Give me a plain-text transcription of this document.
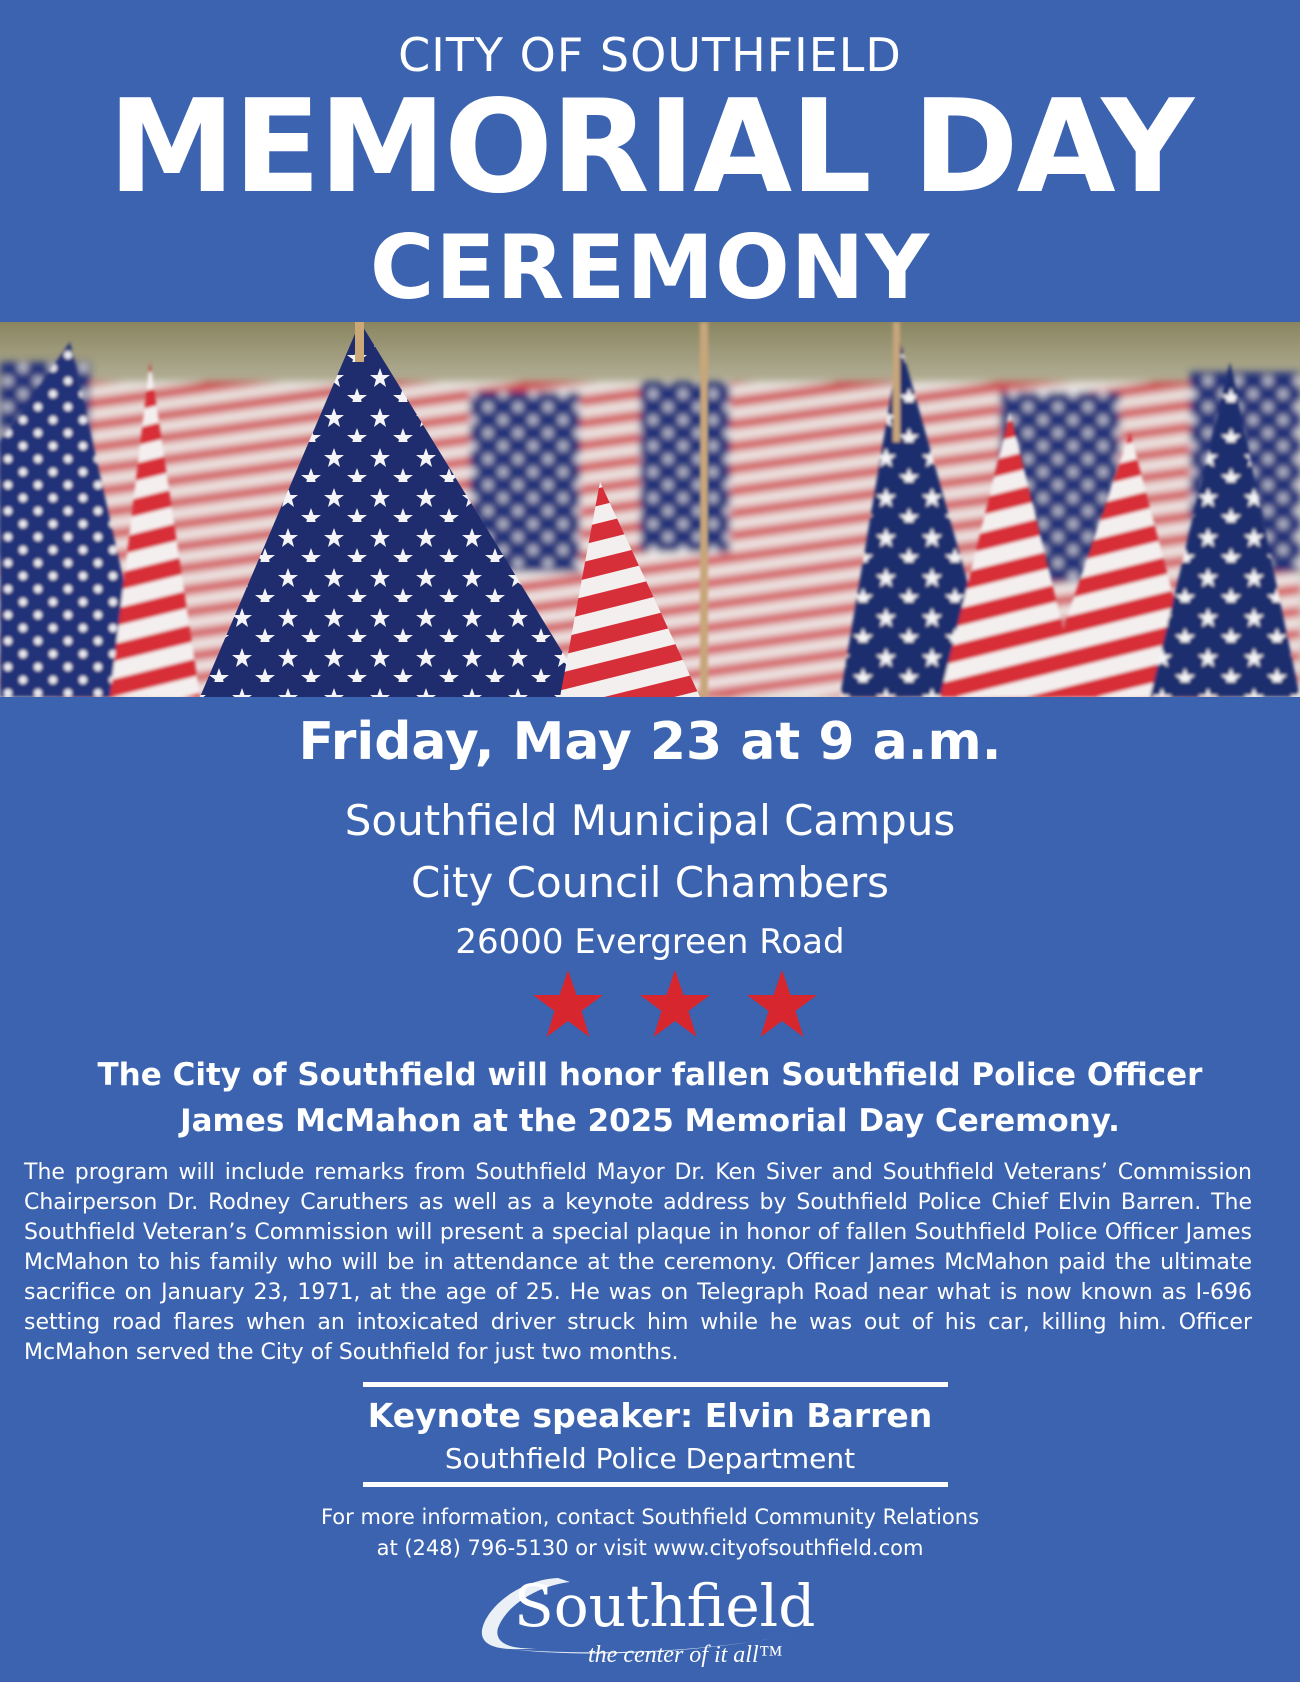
CITY OF SOUTHFIELD
MEMORIAL DAY
CEREMONY
Friday, May 23 at 9 a.m.
Southfield Municipal Campus
City Council Chambers
26000 Evergreen Road
The City of Southfield will honor fallen Southfield Police Officer
James McMahon at the 2025 Memorial Day Ceremony.
The program will include remarks from Southfield Mayor Dr. Ken Siver and Southfield Veterans’ Commission Chairperson Dr. Rodney Caruthers as well as a keynote address by Southfield Police Chief Elvin Barren. The Southfield Veteran’s Commission will present a special plaque in honor of fallen Southfield Police Officer James McMahon to his family who will be in attendance at the ceremony. Officer James McMahon paid the ultimate sacrifice on January 23, 1971, at the age of 25. He was on Telegraph Road near what is now known as I-696 setting road flares when an intoxicated driver struck him while he was out of his car, killing him. Officer McMahon served the City of Southfield for just two months.
Keynote speaker: Elvin Barren
Southfield Police Department
For more information, contact Southfield Community Relations
at (248) 796-5130 or visit www.cityofsouthfield.com
Southfield
the center of it all™
